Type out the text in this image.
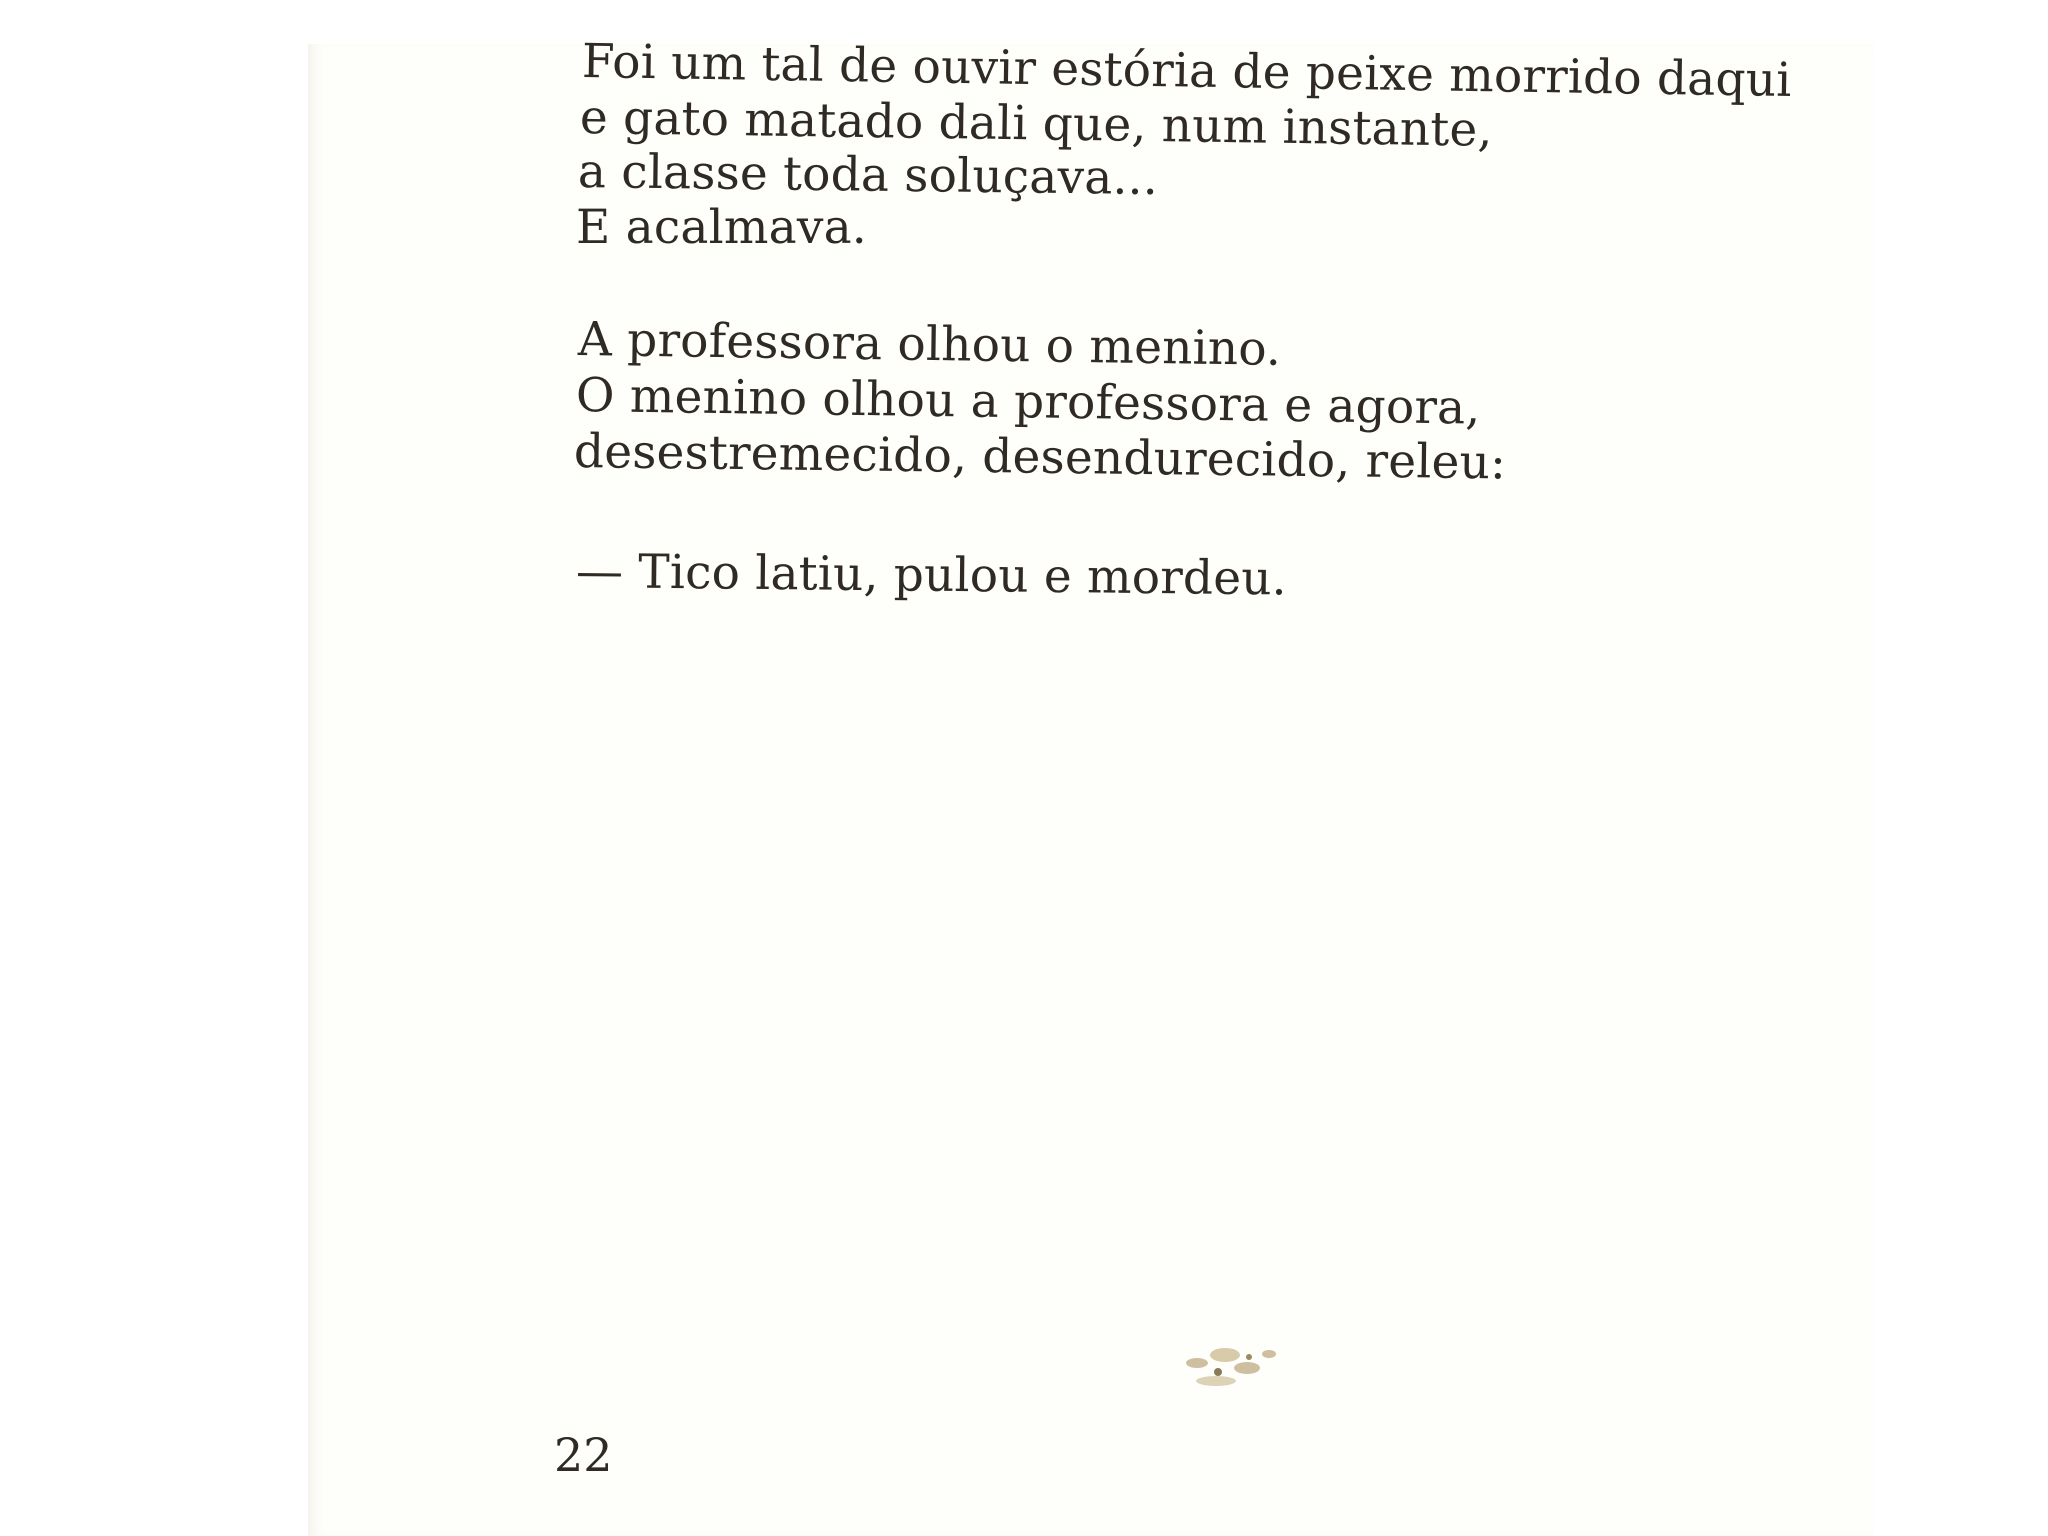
Foi um tal de ouvir estória de peixe morrido daqui
e gato matado dali que, num instante,
a classe toda soluçava...
E acalmava.
A professora olhou o menino.
O menino olhou a professora e agora,
desestremecido, desendurecido, releu:
— Tico latiu, pulou e mordeu.
22
